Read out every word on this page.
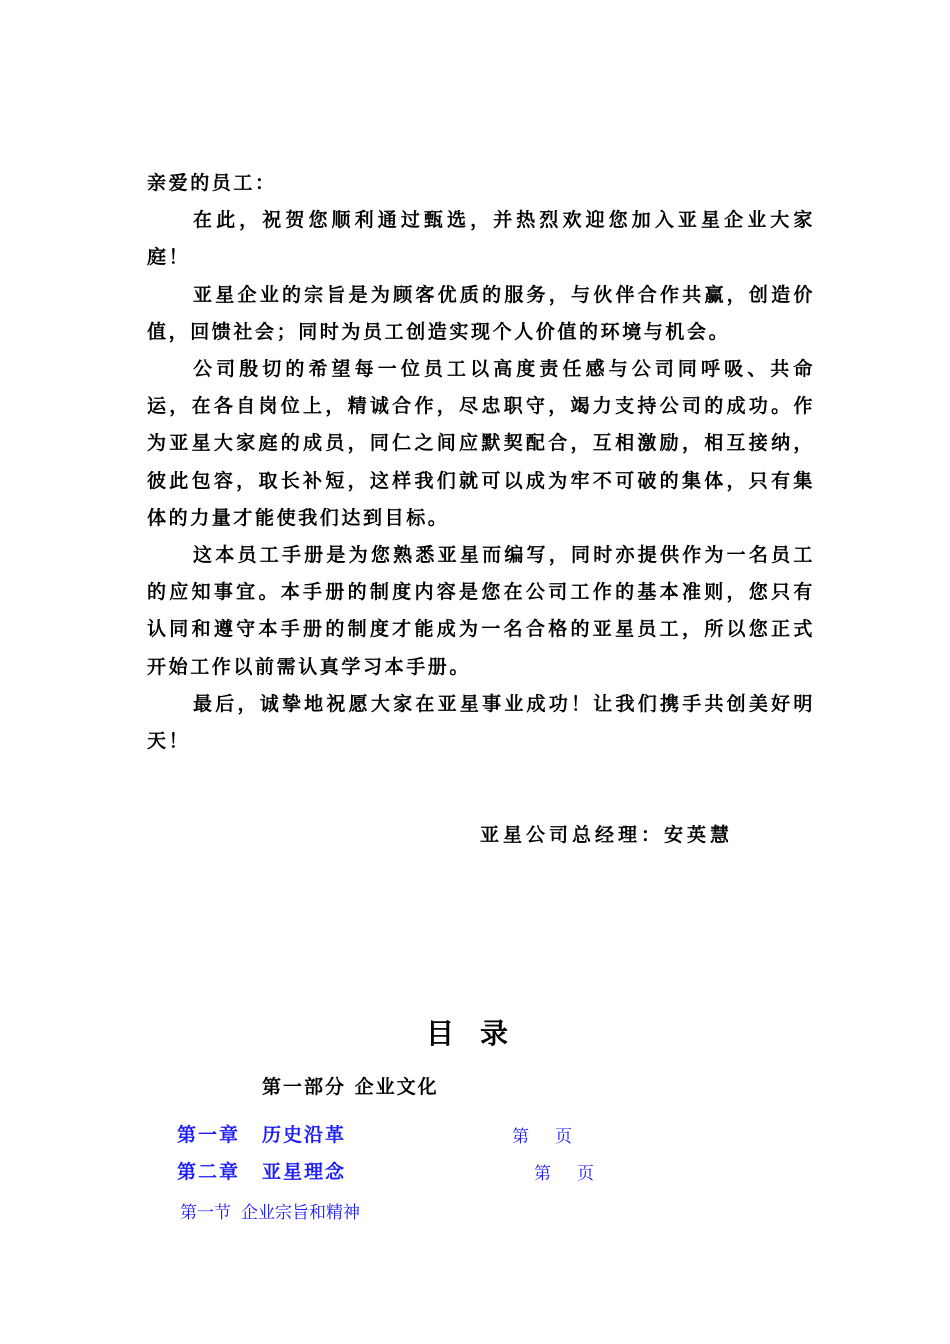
亲爱的员工：

在此，祝贺您顺利通过甄选，并热烈欢迎您加入亚星企业大家庭！

亚星企业的宗旨是为顾客优质的服务，与伙伴合作共赢，创造价值，回馈社会；同时为员工创造实现个人价值的环境与机会。

公司殷切的希望每一位员工以高度责任感与公司同呼吸、共命运，在各自岗位上，精诚合作，尽忠职守，竭力支持公司的成功。作为亚星大家庭的成员，同仁之间应默契配合，互相激励，相互接纳，彼此包容，取长补短，这样我们就可以成为牢不可破的集体，只有集体的力量才能使我们达到目标。

这本员工手册是为您熟悉亚星而编写，同时亦提供作为一名员工的应知事宜。本手册的制度内容是您在公司工作的基本准则，您只有认同和遵守本手册的制度才能成为一名合格的亚星员工，所以您正式开始工作以前需认真学习本手册。

最后，诚挚地祝愿大家在亚星事业成功！让我们携手共创美好明天！

亚星公司总经理：安英慧
目录
第一部分 企业文化
第一章 历史沿革	第 页
第二章 亚星理念	第 页
第一节 企业宗旨和精神
